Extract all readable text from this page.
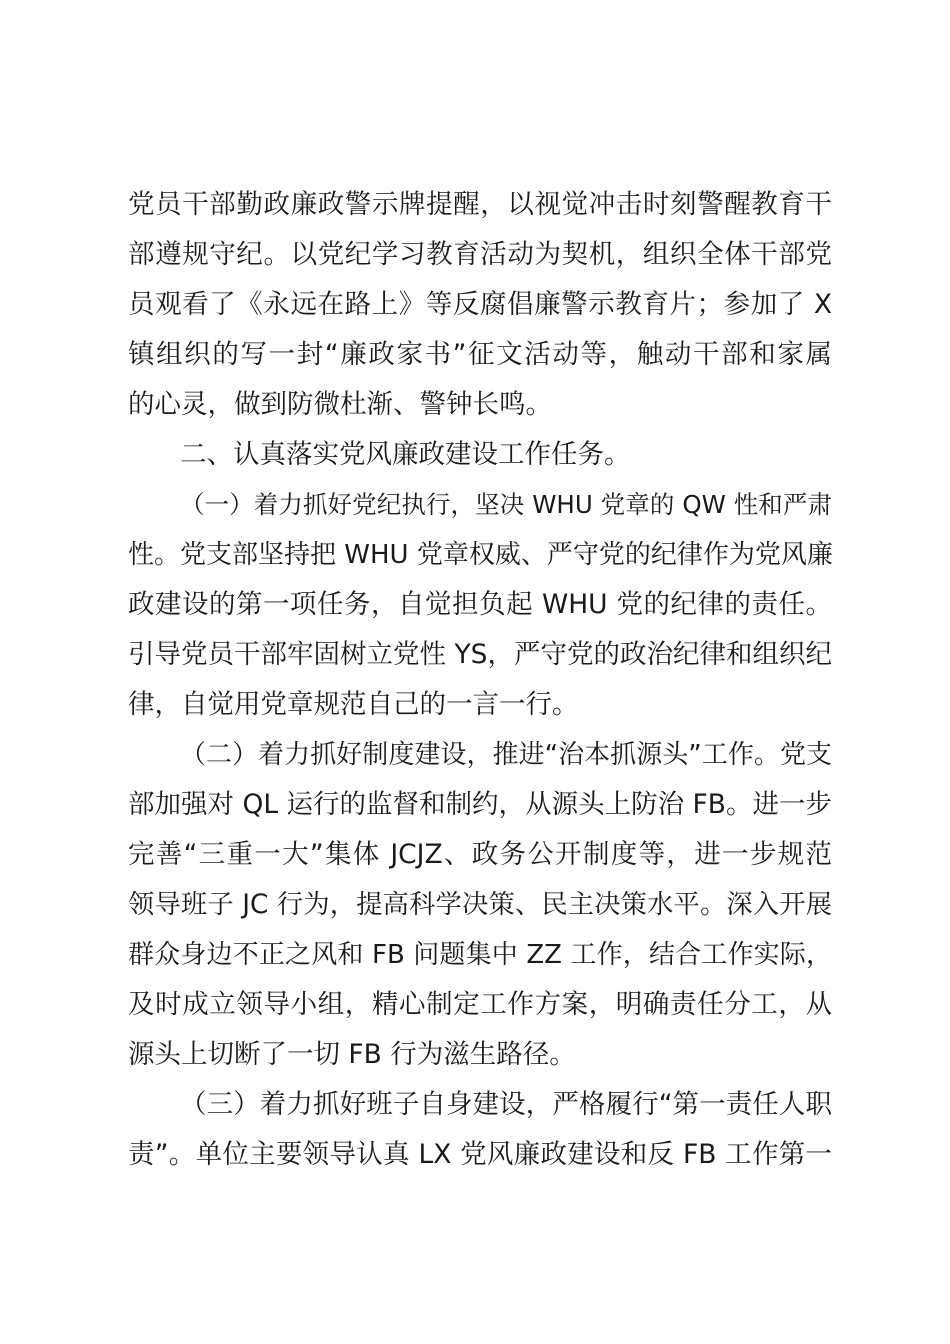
党员干部勤政廉政警示牌提醒，以视觉冲击时刻警醒教育干
部遵规守纪。以党纪学习教育活动为契机，组织全体干部党
员观看了《永远在路上》等反腐倡廉警示教育片；参加了 X
镇组织的写一封“廉政家书”征文活动等，触动干部和家属
的心灵，做到防微杜渐、警钟长鸣。
二、认真落实党风廉政建设工作任务。
（一）着力抓好党纪执行，坚决 WHU 党章的 QW 性和严肃
性。党支部坚持把 WHU 党章权威、严守党的纪律作为党风廉
政建设的第一项任务，自觉担负起 WHU 党的纪律的责任。
引导党员干部牢固树立党性 YS，严守党的政治纪律和组织纪
律，自觉用党章规范自己的一言一行。
（二）着力抓好制度建设，推进“治本抓源头”工作。党支
部加强对 QL 运行的监督和制约，从源头上防治 FB。进一步
完善“三重一大”集体 JCJZ、政务公开制度等，进一步规范
领导班子 JC 行为，提高科学决策、民主决策水平。深入开展
群众身边不正之风和 FB 问题集中 ZZ 工作，结合工作实际，
及时成立领导小组，精心制定工作方案，明确责任分工，从
源头上切断了一切 FB 行为滋生路径。
（三）着力抓好班子自身建设，严格履行“第一责任人职
责”。单位主要领导认真 LX 党风廉政建设和反 FB 工作第一
